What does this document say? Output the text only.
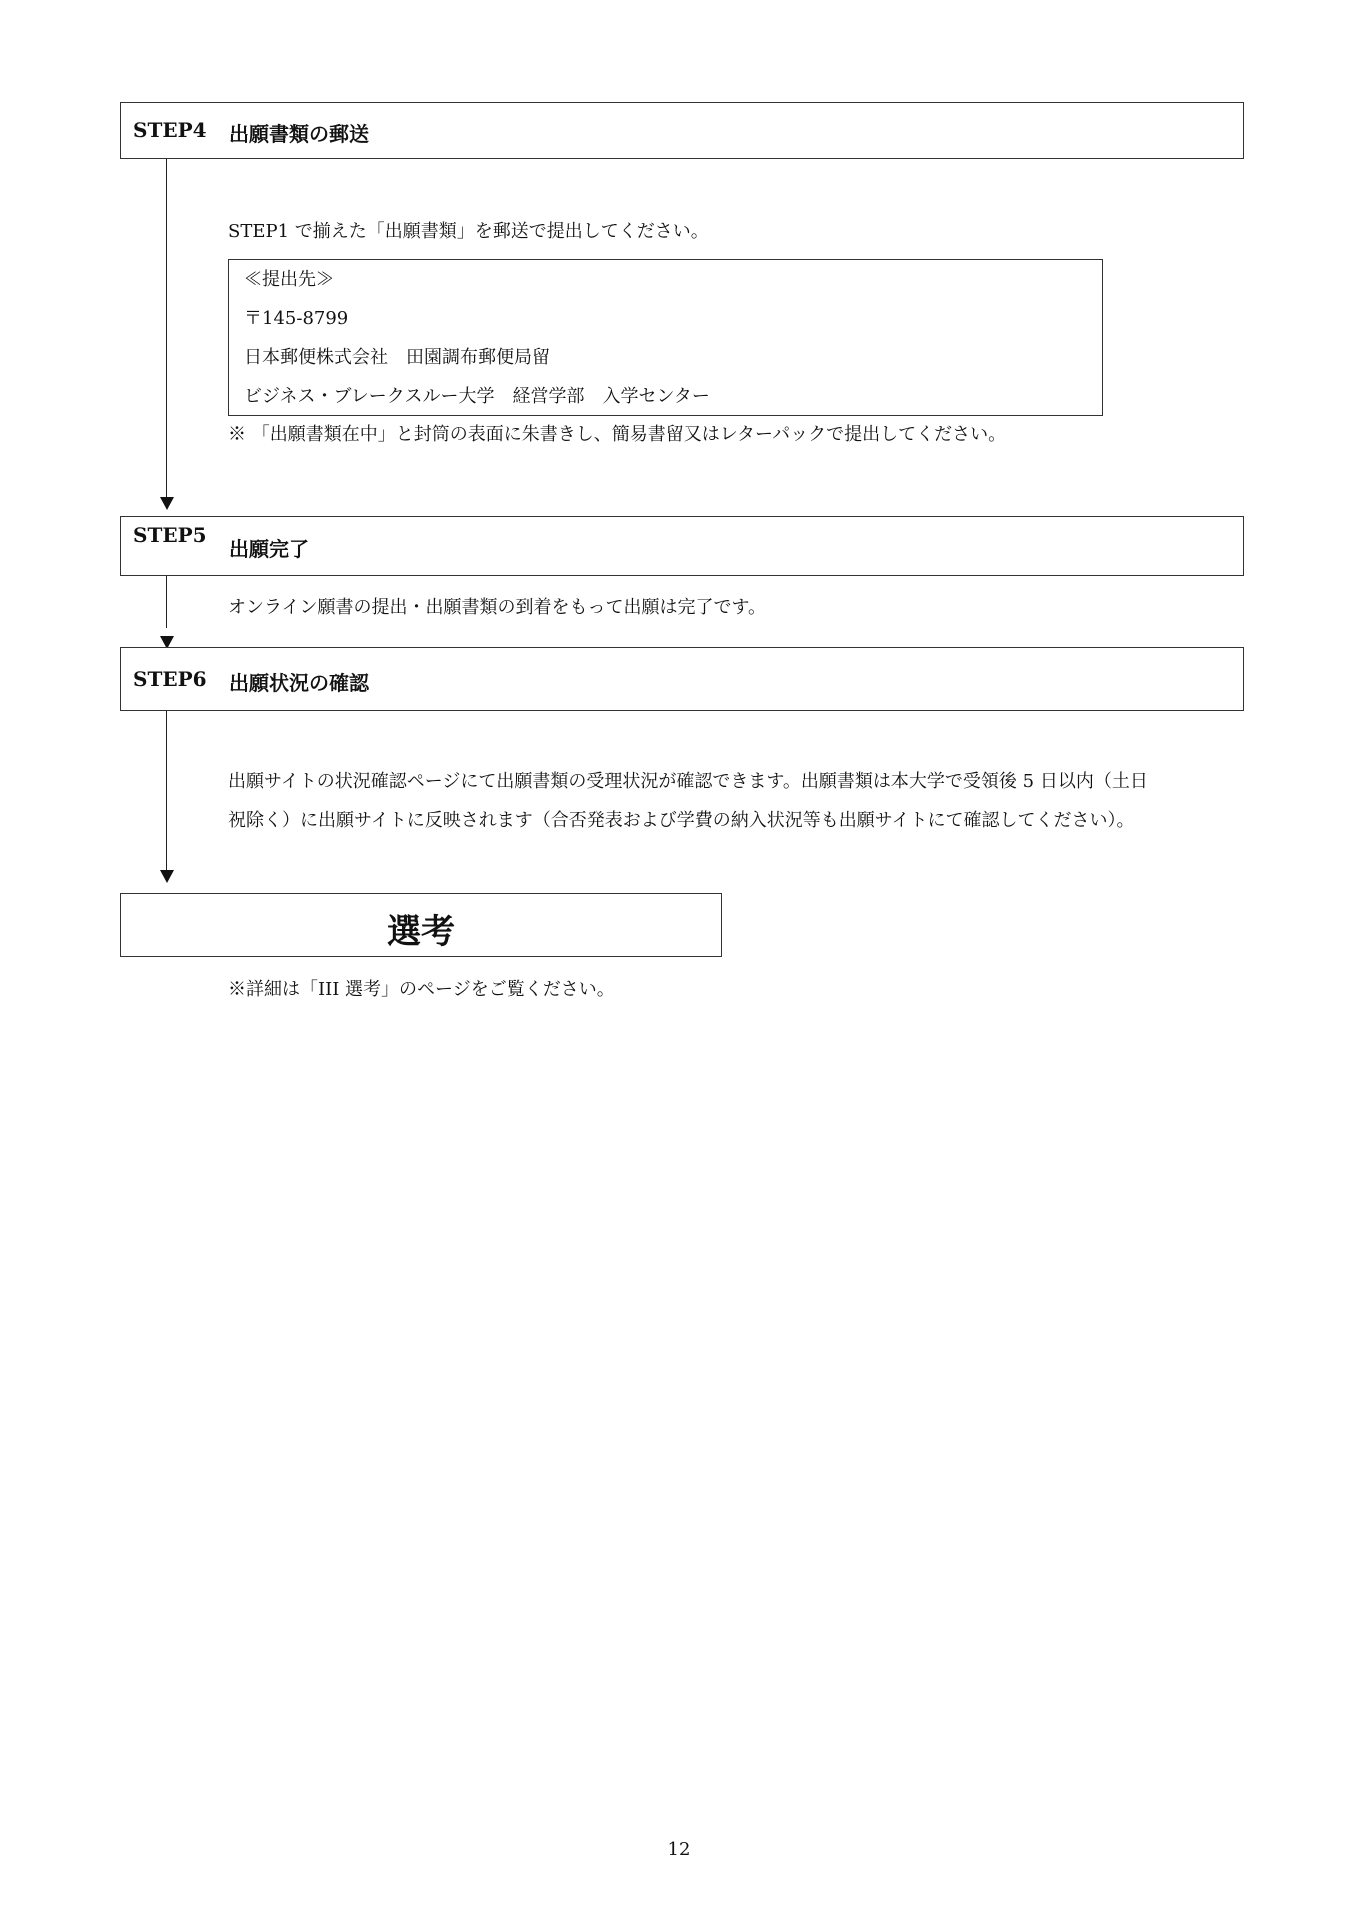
STEP4 出願書類の郵送
STEP1 で揃えた「出願書類」を郵送で提出してください。
≪提出先≫
〒145-8799
日本郵便株式会社　田園調布郵便局留
ビジネス・ブレークスルー大学　経営学部　入学センター
※ 「出願書類在中」と封筒の表面に朱書きし、簡易書留又はレターパックで提出してください。
STEP5
出願完了
オンライン願書の提出・出願書類の到着をもって出願は完了です。
STEP6 出願状況の確認
出願サイトの状況確認ページにて出願書類の受理状況が確認できます。出願書類は本大学で受領後 5 日以内（土日
祝除く）に出願サイトに反映されます（合否発表および学費の納入状況等も出願サイトにて確認してください）。
選考
※詳細は「III 選考」のページをご覧ください。
12
